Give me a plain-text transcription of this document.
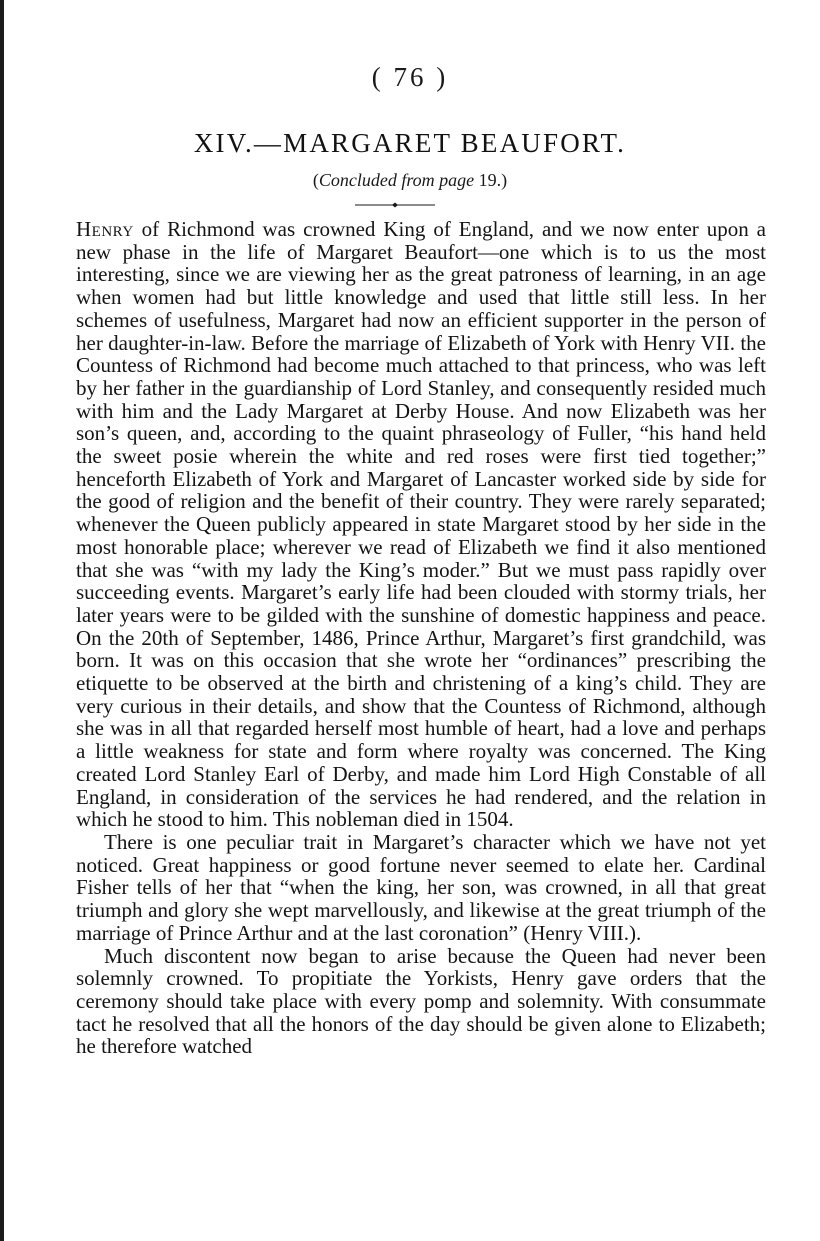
( 76 )
XIV.—MARGARET BEAUFORT.
(Concluded from page 19.)

Henry of Richmond was crowned King of England, and we now enter upon a new phase in the life of Margaret Beaufort—one which is to us the most interesting, since we are viewing her as the great patroness of learning, in an age when women had but little knowledge and used that little still less. In her schemes of usefulness, Margaret had now an efficient supporter in the person of her daughter-in-law. Before the marriage of Elizabeth of York with Henry VII. the Countess of Richmond had become much attached to that princess, who was left by her father in the guardianship of Lord Stanley, and consequently resided much with him and the Lady Margaret at Derby House. And now Elizabeth was her son’s queen, and, according to the quaint phraseology of Fuller, “his hand held the sweet posie wherein the white and red roses were first tied together;” henceforth Elizabeth of York and Margaret of Lancaster worked side by side for the good of religion and the benefit of their country. They were rarely separated; whenever the Queen publicly appeared in state Margaret stood by her side in the most honorable place; wherever we read of Elizabeth we find it also mentioned that she was “with my lady the King’s moder.” But we must pass rapidly over succeeding events. Margaret’s early life had been clouded with stormy trials, her later years were to be gilded with the sunshine of domestic happiness and peace. On the 20th of September, 1486, Prince Arthur, Margaret’s first grandchild, was born. It was on this occasion that she wrote her “ordinances” prescribing the etiquette to be observed at the birth and christening of a king’s child. They are very curious in their details, and show that the Countess of Richmond, although she was in all that regarded herself most humble of heart, had a love and perhaps a little weakness for state and form where royalty was concerned. The King created Lord Stanley Earl of Derby, and made him Lord High Constable of all England, in consideration of the services he had rendered, and the relation in which he stood to him. This nobleman died in 1504.

There is one peculiar trait in Margaret’s character which we have not yet noticed. Great happiness or good fortune never seemed to elate her. Cardinal Fisher tells of her that “when the king, her son, was crowned, in all that great triumph and glory she wept marvellously, and likewise at the great triumph of the marriage of Prince Arthur and at the last coronation” (Henry VIII.).

Much discontent now began to arise because the Queen had never been solemnly crowned. To propitiate the Yorkists, Henry gave orders that the ceremony should take place with every pomp and solemnity. With consummate tact he resolved that all the honors of the day should be given alone to Elizabeth; he therefore watched
